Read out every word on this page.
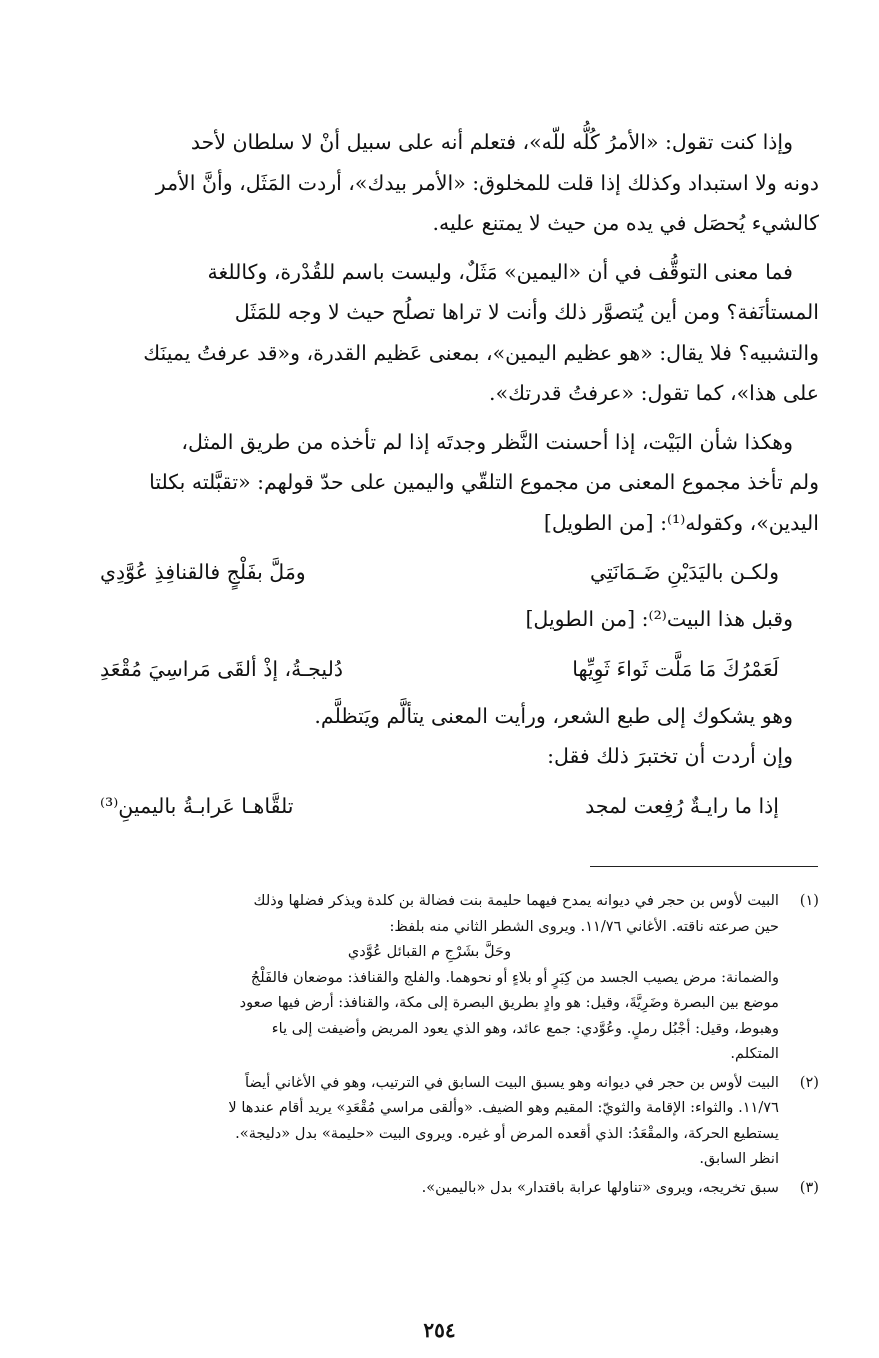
وإذا كنت تقول: «الأمرُ كُلُّه للّه»، فتعلم أنه على سبيل أنْ لا سلطان لأحد
دونه ولا استبداد وكذلك إذا قلت للمخلوق: «الأمر بيدك»، أردت المَثَل، وأنَّ الأمر
كالشيء يُحصَل في يده من حيث لا يمتنع عليه.

فما معنى التوقُّف في أن «اليمين» مَثَلٌ، وليست باسم للقُدْرة، وكاللغة
المستأنَفة؟ ومن أين يُتصوَّر ذلك وأنت لا تراها تصلُح حيث لا وجه للمَثَل
والتشبيه؟ فلا يقال: «هو عظيم اليمين»، بمعنى عَظيم القدرة، و«قد عرفتُ يمينَك
على هذا»، كما تقول: «عرفتُ قدرتك».

وهكذا شأن البَيْت، إذا أحسنت النَّظر وجدتَه إذا لم تأخذه من طريق المثل،
ولم تأخذ مجموع المعنى من مجموع التلقّي واليمين على حدّ قولهم: «تقبَّلته بكلتا
اليدين»، وكقوله⁽¹⁾: [من الطويل]

ولكـن باليَدَيْنِ ضَـمَانَتِي
ومَلَّ بفَلْجٍ فالقنافِذِ عُوَّدِي

وقبل هذا البيت⁽²⁾: [من الطويل]

لَعَمْرُكَ مَا مَلَّت ثَواءَ ثَوِيِّها
دُليجـةُ، إذْ ألقَى مَراسِيَ مُقْعَدِ

وهو يشكوك إلى طبع الشعر، ورأيت المعنى يتألَّم ويَتظلَّم.
وإن أردت أن تختبرَ ذلك فقل:

إذا ما رايـةٌ رُفِعت لمجد
تلقَّاهـا عَرابـةُ باليمينِ⁽³⁾
(١)

البيت لأوس بن حجر في ديوانه يمدح فيهما حليمة بنت فضالة بن كلدة ويذكر فضلها وذلك

حين صرعته ناقته. الأغاني ١١/٧٦. ويروى الشطر الثاني منه بلفظ:

وحَلَّ بشَرْجِ م القبائل عُوَّدي

والضمانة: مرض يصيب الجسد من كِبَرٍ أو بلاءٍ أو نحوهما. والفلج والقنافذ: موضعان فالفَلْجُ

موضع بين البصرة وضَرِيَّةَ، وقيل: هو وادٍ بطريق البصرة إلى مكة، والقنافذ: أرض فيها صعود

وهبوط، وقيل: أجْبُل رملٍ. وعُوَّدي: جمع عائد، وهو الذي يعود المريض وأضيفت إلى ياء

المتكلم.

(٢)

البيت لأوس بن حجر في ديوانه وهو يسبق البيت السابق في الترتيب، وهو في الأغاني أيضاً

١١/٧٦. والثواء: الإقامة والثويّ: المقيم وهو الضيف. «وألقى مراسي مُقْعَدِ» يريد أقام عندها لا

يستطيع الحركة، والمقْعَدُ: الذي أقعده المرض أو غيره. ويروى البيت «حليمة» بدل «دليجة».

انظر السابق.

(٣)

سبق تخريجه، ويروى «تناولها عرابة باقتدار» بدل «باليمين».

٢٥٤
